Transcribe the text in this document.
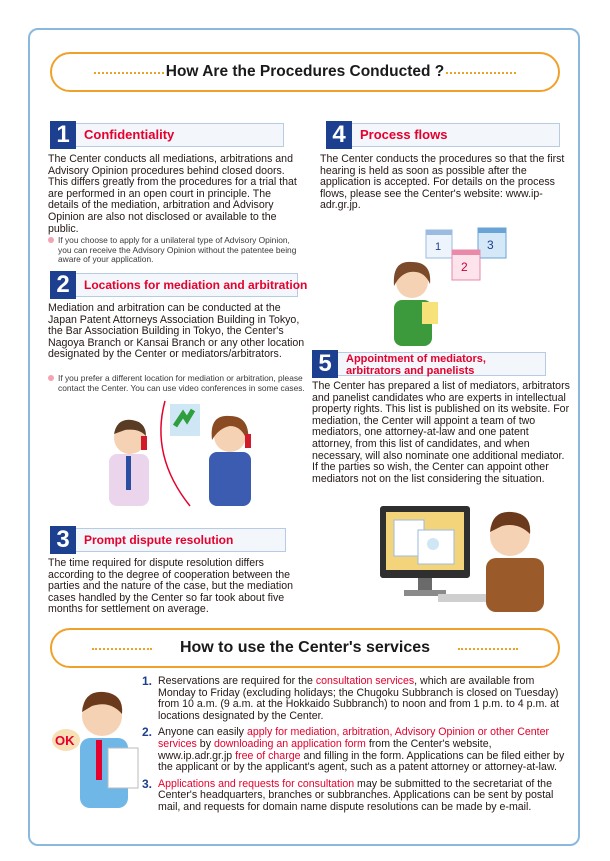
How Are the Procedures Conducted ?
1	Confidentiality
The Center conducts all mediations, arbitrations and Advisory Opinion procedures behind closed doors. This differs greatly from the procedures for a trial that are performed in an open court in principle. The details of the mediation, arbitration and Advisory Opinion are also not disclosed or available to the public.
If you choose to apply for a unilateral type of Advisory Opinion, you can receive the Advisory Opinion without the patentee being aware of your application.
2	Locations for mediation and arbitration
Mediation and arbitration can be conducted at the Japan Patent Attorneys Association Building in Tokyo, the Bar Association Building in Tokyo, the Center's Nagoya Branch or Kansai Branch or any other location designated by the Center or mediators/arbitrators.
If you prefer a different location for mediation or arbitration, please contact the Center. You can use video conferences in some cases.
3	Prompt dispute resolution
The time required for dispute resolution differs according to the degree of cooperation between the parties and the nature of the case, but the mediation cases handled by the Center so far took about five months for settlement on average.
4	Process flows
The Center conducts the procedures so that the first hearing is held as soon as possible after the application is accepted. For details on the process flows, please see the Center's website: www.ip-adr.gr.jp.
1	3
2
5	Appointment of mediators,
arbitrators and panelists
The Center has prepared a list of mediators, arbitrators and panelist candidates who are experts in intellectual property rights. This list is published on its website. For mediation, the Center will appoint a team of two mediators, one attorney-at-law and one patent attorney, from this list of candidates, and when necessary, will also nominate one additional mediator. If the parties so wish, the Center can appoint other mediators not on the list considering the situation.
How to use the Center's services
OK
1. Reservations are required for the consultation services, which are available from Monday to Friday (excluding holidays; the Chugoku Subbranch is closed on Tuesday) from 10 a.m. (9 a.m. at the Hokkaido Subbranch) to noon and from 1 p.m. to 4 p.m. at locations designated by the Center.
2. Anyone can easily apply for mediation, arbitration, Advisory Opinion or other Center services by downloading an application form from the Center's website, www.ip.adr.gr.jp free of charge and filling in the form. Applications can be filed either by the applicant or by the applicant's agent, such as a patent attorney or attorney-at-law.
3. Applications and requests for consultation may be submitted to the secretariat of the Center's headquarters, branches or subbranches. Applications can be sent by postal mail, and requests for domain name dispute resolutions can be made by e-mail.
